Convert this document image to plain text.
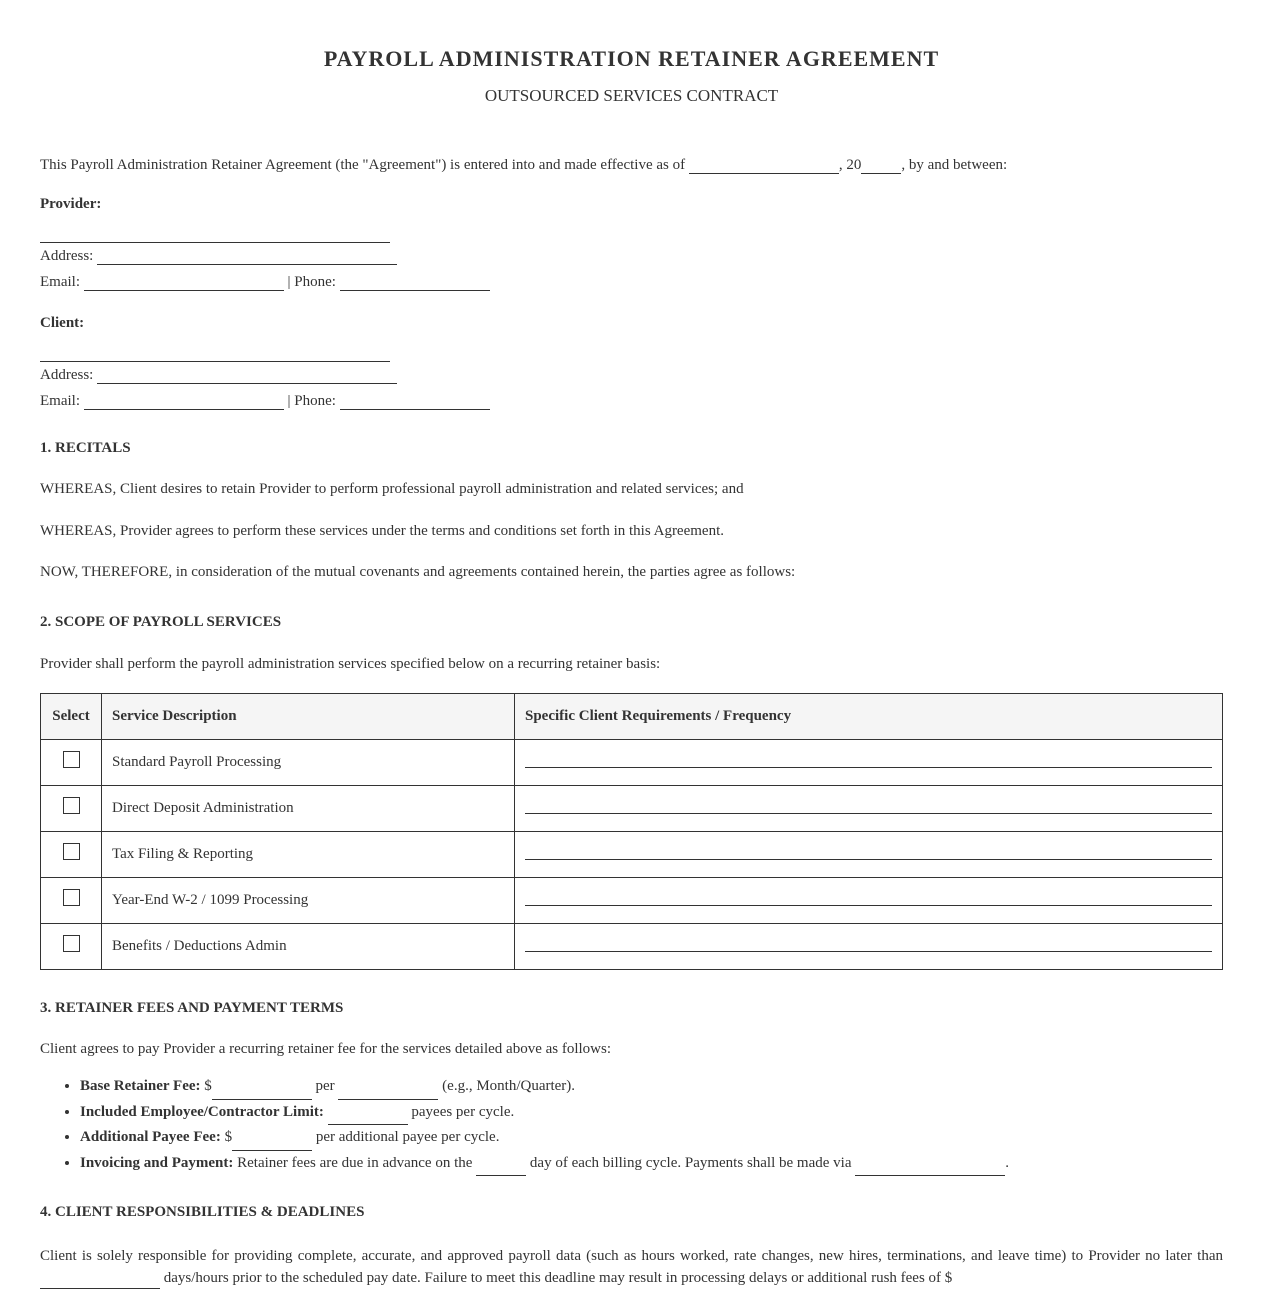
PAYROLL ADMINISTRATION RETAINER AGREEMENT
OUTSOURCED SERVICES CONTRACT

This Payroll Administration Retainer Agreement (the "Agreement") is entered into and made effective as of	, 20	, by and between:

Provider:
Address:
Email:	| Phone:
Client:
Address:
Email:	| Phone:
1. RECITALS

WHEREAS, Client desires to retain Provider to perform professional payroll administration and related services; and

WHEREAS, Provider agrees to perform these services under the terms and conditions set forth in this Agreement.

NOW, THEREFORE, in consideration of the mutual covenants and agreements contained herein, the parties agree as follows:

2. SCOPE OF PAYROLL SERVICES

Provider shall perform the payroll administration services specified below on a recurring retainer basis:

Select	Service Description	Specific Client Requirements / Frequency
	Standard Payroll Processing	

	Direct Deposit Administration	

	Tax Filing & Reporting	

	Year-End W-2 / 1099 Processing	

	Benefits / Deductions Admin	
3. RETAINER FEES AND PAYMENT TERMS

Client agrees to pay Provider a recurring retainer fee for the services detailed above as follows:

• Base Retainer Fee: $	per	(e.g., Month/Quarter).
• Included Employee/Contractor Limit:	payees per cycle.
• Additional Payee Fee: $	per additional payee per cycle.
• Invoicing and Payment: Retainer fees are due in advance on the	day of each billing cycle. Payments shall be made via	.
4. CLIENT RESPONSIBILITIES & DEADLINES

Client is solely responsible for providing complete, accurate, and approved payroll data (such as hours worked, rate changes, new hires, terminations, and leave time) to Provider no later than  days/hours prior to the scheduled pay date. Failure to meet this deadline may result in processing delays or additional rush fees of $
